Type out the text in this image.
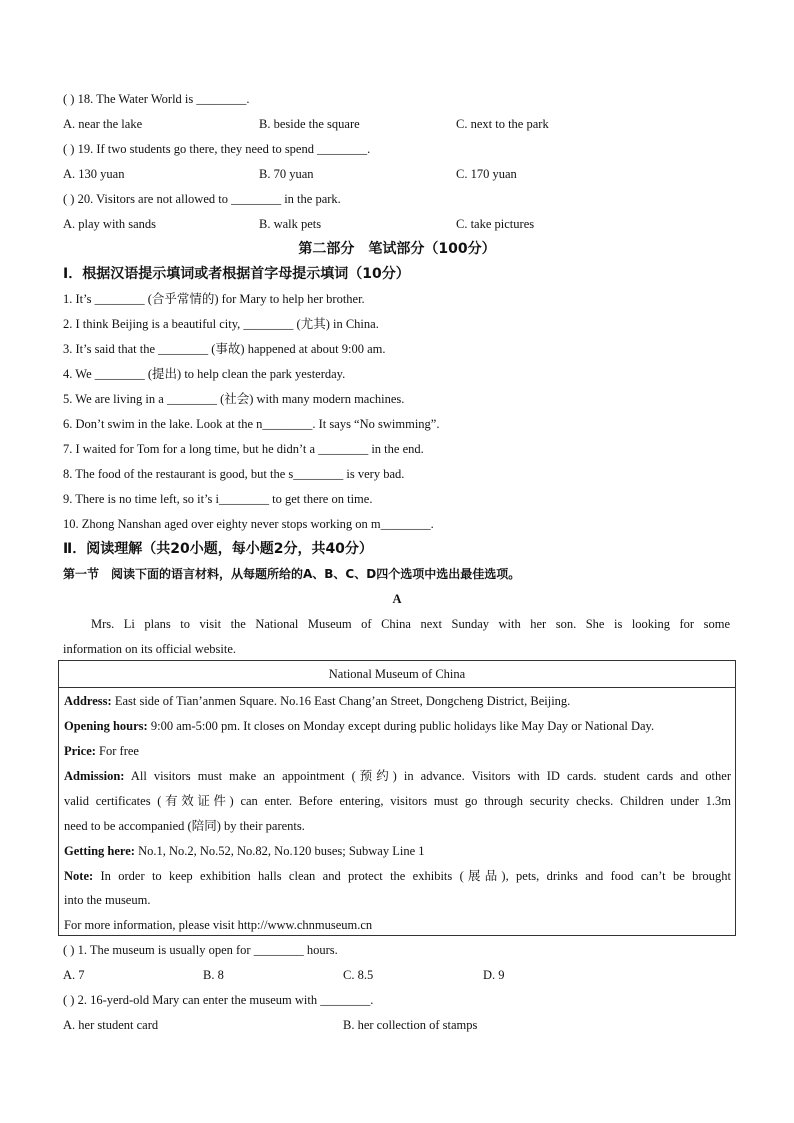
( ) 18. The Water World is ________.
A. near the lake	B. beside the square	C. next to the park
( ) 19. If two students go there, they need to spend ________.
A. 130 yuan	B. 70 yuan	C. 170 yuan
( ) 20. Visitors are not allowed to ________ in the park.
A. play with sands	B. walk pets	C. take pictures
第二部分　笔试部分（100分）
Ⅰ．根据汉语提示填词或者根据首字母提示填词（10分）
1. It’s ________ (合乎常情的) for Mary to help her brother.
2. I think Beijing is a beautiful city, ________ (尤其) in China.
3. It’s said that the ________ (事故) happened at about 9:00 am.
4. We ________ (提出) to help clean the park yesterday.
5. We are living in a ________ (社会) with many modern machines.
6. Don’t swim in the lake. Look at the n________. It says “No swimming”.
7. I waited for Tom for a long time, but he didn’t a ________ in the end.
8. The food of the restaurant is good, but the s________ is very bad.
9. There is no time left, so it’s i________ to get there on time.
10. Zhong Nanshan aged over eighty never stops working on m________.
Ⅱ．阅读理解（共20小题，每小题2分，共40分）
第一节　阅读下面的语言材料，从每题所给的A、B、C、D四个选项中选出最佳选项。
A
Mrs. Li plans to visit the National Museum of China next Sunday with her son. She is looking for some
information on its official website.
National Museum of China
Address: East side of Tian’anmen Square. No.16 East Chang’an Street, Dongcheng District, Beijing.
Opening hours: 9:00 am-5:00 pm. It closes on Monday except during public holidays like May Day or National Day.
Price: For free
Admission: All visitors must make an appointment (预约) in advance. Visitors with ID cards. student cards and other
valid certificates (有效证件) can enter. Before entering, visitors must go through security checks. Children under 1.3m
need to be accompanied (陪同) by their parents.
Getting here: No.1, No.2, No.52, No.82, No.120 buses; Subway Line 1
Note: In order to keep exhibition halls clean and protect the exhibits (展品), pets, drinks and food can’t be brought
into the museum.
For more information, please visit http://www.chnmuseum.cn
( ) 1. The museum is usually open for ________ hours.
A. 7	B. 8	C. 8.5	D. 9
( ) 2. 16-yerd-old Mary can enter the museum with ________.
A. her student card	B. her collection of stamps
